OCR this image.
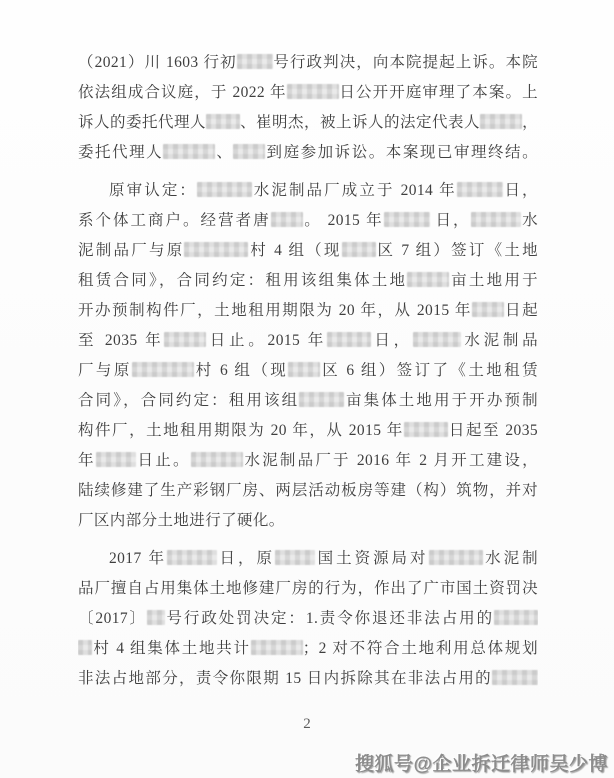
（2021）川 1603 行初 号行政判决，向本院提起上诉。本院
依法组成合议庭，于 2022 年	日公开开庭审理了本案。上
诉人的委托代理人 、崔明杰，被上诉人的法定代表人	，
委托代理人	、 到庭参加诉讼。本案现已审理终结。
原审认定：	水泥制品厂成立于 2014 年	日，
系个体工商户。经营者唐 。 2015 年	日，	水
泥制品厂与原	村 4 组（现 区 7 组）签订《土地
租赁合同》，合同约定：租用该组集体土地	亩土地用于
开办预制构件厂，土地租用期限为 20 年，从 2015 年 日起
至 2035 年	日止。2015 年	日，	水泥制品
厂与原	村 6 组（现 区 6 组）签订了《土地租赁
合同》，合同约定：租用该组	亩集体土地用于开办预制
构件厂，土地租用期限为 20 年，从 2015 年	日起至 2035
年	日止。	水泥制品厂于 2016 年 2 月开工建设，
陆续修建了生产彩钢厂房、两层活动板房等建（构）筑物，并对
厂区内部分土地进行了硬化。
2017 年	日，原	国土资源局对	水泥制
品厂擅自占用集体土地修建厂房的行为，作出了广市国土资罚决
〔2017〕 号行政处罚决定：1.责令你退还非法占用的
村 4 组集体土地共计	；2 对不符合土地利用总体规划
非法占地部分，责令你限期 15 日内拆除其在非法占用的
2
搜狐号@企业拆迁律师吴少博
